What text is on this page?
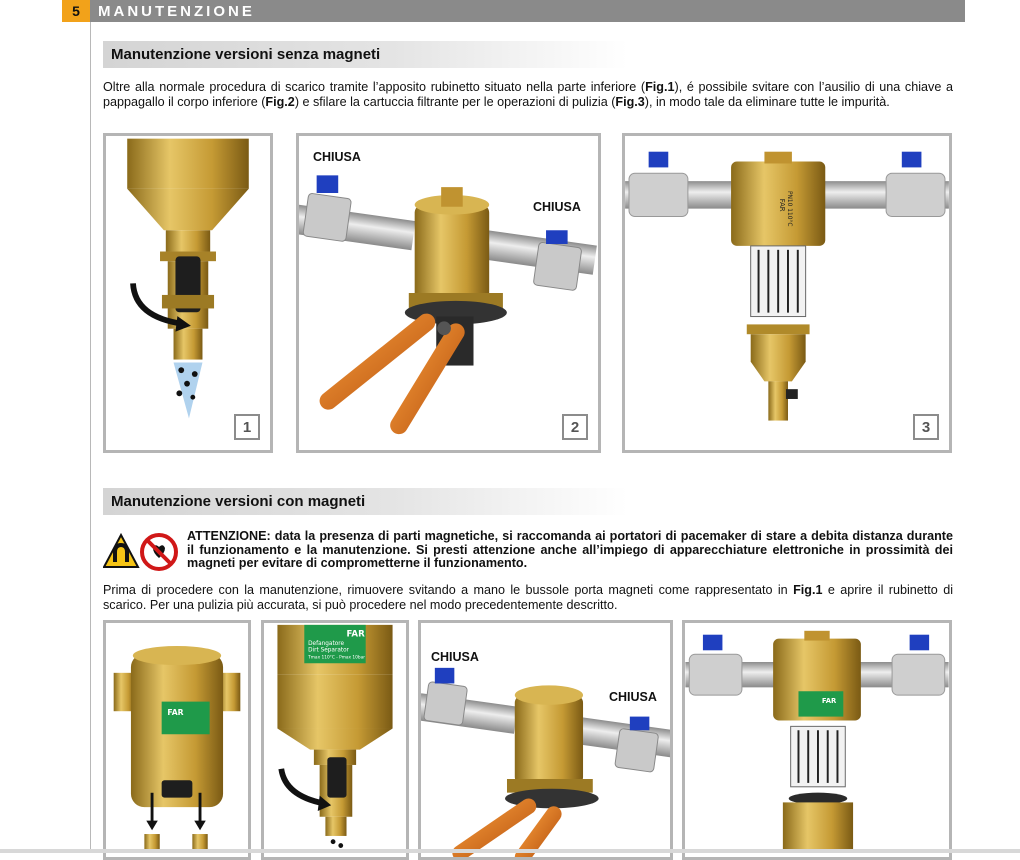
5	MANUTENZIONE
Manutenzione versioni senza magneti

Oltre alla normale procedura di scarico tramite l’apposito rubinetto situato nella parte inferiore (Fig.1), é possibile svitare con l’ausilio di una chiave a pappagallo il corpo inferiore (Fig.2) e sfilare la cartuccia filtrante per le operazioni di pulizia (Fig.3), in modo tale da eliminare tutte le impurità.

1
CHIUSA
CHIUSA
2
FAR PN10 110°C
3
Manutenzione versioni con magneti

ATTENZIONE: data la presenza di parti magnetiche, si raccomanda ai portatori di pacemaker di stare a debita distanza durante il funzionamento e la manutenzione. Si presti attenzione anche all’impiego di apparecchiature elettroniche in prossimità dei magneti per evitare di comprometterne il funzionamento.

Prima di procedere con la manutenzione, rimuovere svitando a mano le bussole porta magneti come rappresentato in Fig.1 e aprire il rubinetto di scarico. Per una pulizia più accurata, si può procedere nel modo precedentemente descritto.

FAR
FAR
Defangatore
Dirt Separator
Tmax 110°C - Pmax 10bar	CHIUSA
CHIUSA	FAR
